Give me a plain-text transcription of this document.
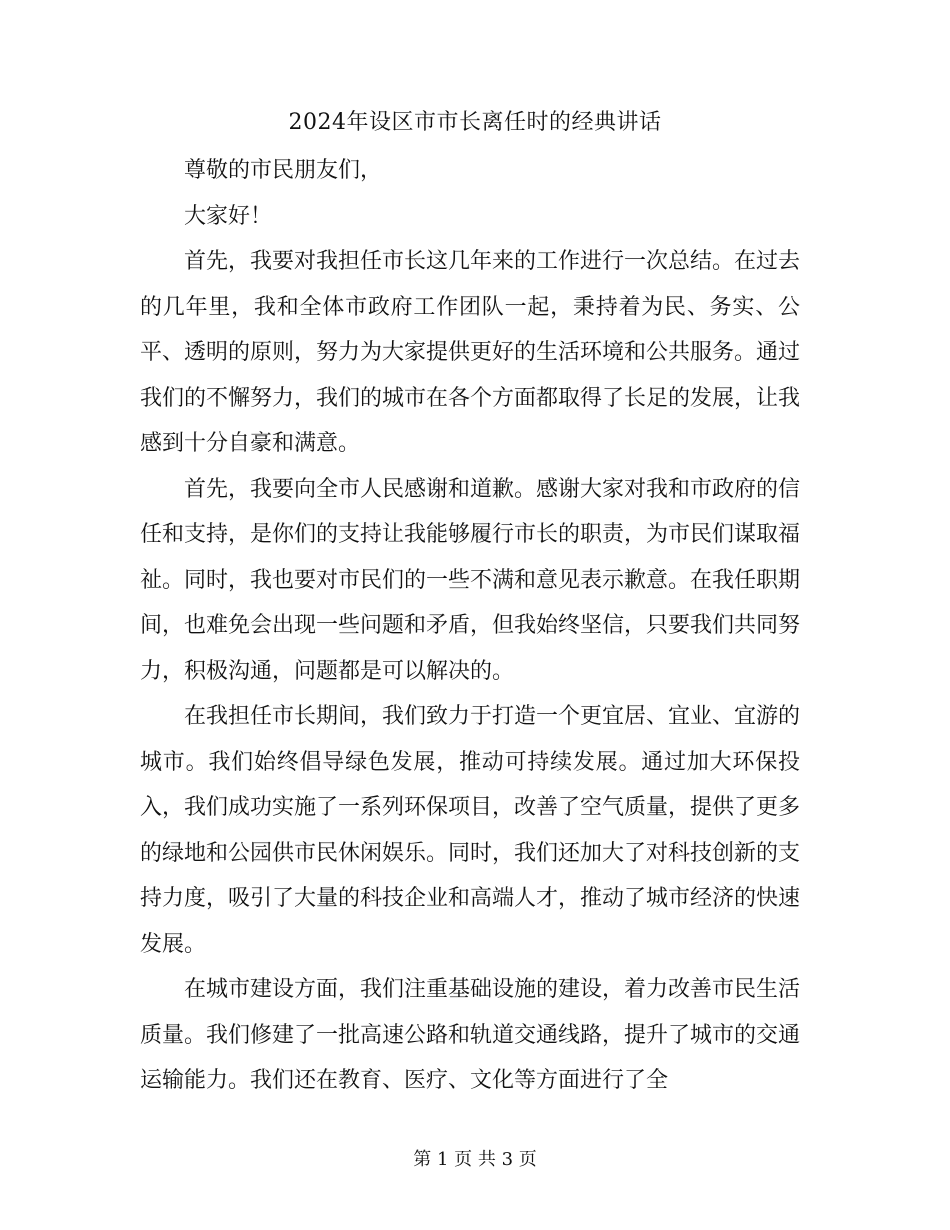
2024年设区市市长离任时的经典讲话

尊敬的市民朋友们，

大家好！

首先，我要对我担任市长这几年来的工作进行一次总结。在过去的几年里，我和全体市政府工作团队一起，秉持着为民、务实、公平、透明的原则，努力为大家提供更好的生活环境和公共服务。通过我们的不懈努力，我们的城市在各个方面都取得了长足的发展，让我感到十分自豪和满意。

首先，我要向全市人民感谢和道歉。感谢大家对我和市政府的信任和支持，是你们的支持让我能够履行市长的职责，为市民们谋取福祉。同时，我也要对市民们的一些不满和意见表示歉意。在我任职期间，也难免会出现一些问题和矛盾，但我始终坚信，只要我们共同努力，积极沟通，问题都是可以解决的。

在我担任市长期间，我们致力于打造一个更宜居、宜业、宜游的城市。我们始终倡导绿色发展，推动可持续发展。通过加大环保投入，我们成功实施了一系列环保项目，改善了空气质量，提供了更多的绿地和公园供市民休闲娱乐。同时，我们还加大了对科技创新的支持力度，吸引了大量的科技企业和高端人才，推动了城市经济的快速发展。

在城市建设方面，我们注重基础设施的建设，着力改善市民生活质量。我们修建了一批高速公路和轨道交通线路，提升了城市的交通运输能力。我们还在教育、医疗、文化等方面进行了全

第 1 页 共 3 页
